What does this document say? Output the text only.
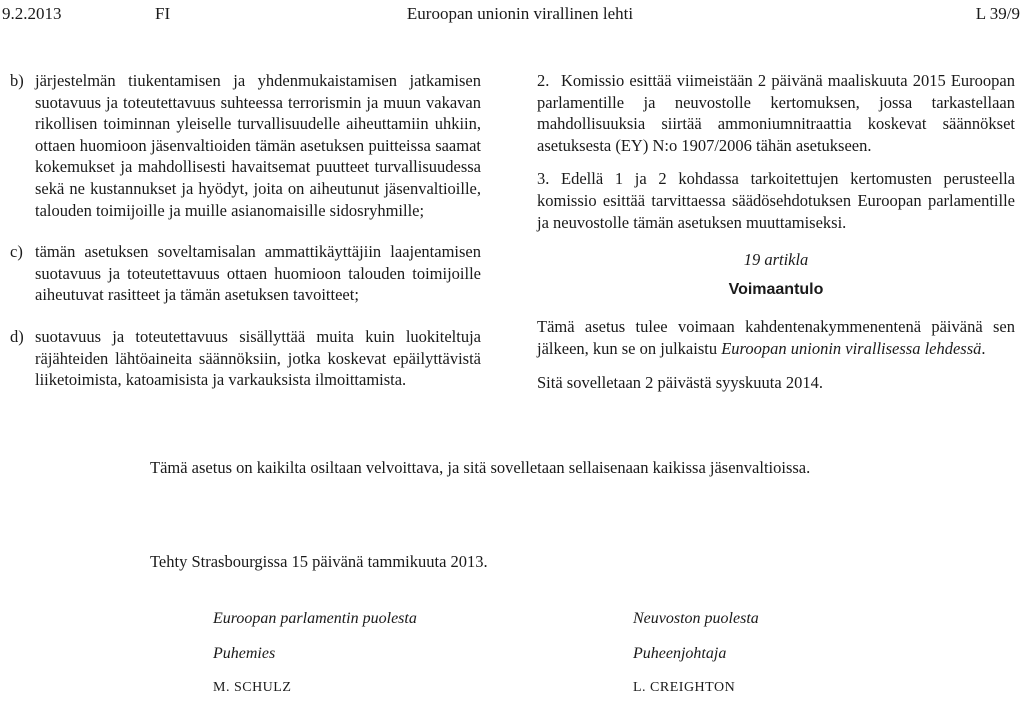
9.2.2013	FI	Euroopan unionin virallinen lehti	L 39/9
b) järjestelmän tiukentamisen ja yhdenmukaistamisen jatkamisen suotavuus ja toteutettavuus suhteessa terrorismin ja muun vakavan rikollisen toiminnan yleiselle turvallisuudelle aiheuttamiin uhkiin, ottaen huomioon jäsenvaltioiden tämän asetuksen puitteissa saamat kokemukset ja mahdollisesti havaitsemat puutteet turvallisuudessa sekä ne kustannukset ja hyödyt, joita on aiheutunut jäsenvaltioille, talouden toimijoille ja muille asianomaisille sidosryhmille;
c) tämän asetuksen soveltamisalan ammattikäyttäjiin laajentamisen suotavuus ja toteutettavuus ottaen huomioon talouden toimijoille aiheutuvat rasitteet ja tämän asetuksen tavoitteet;
d) suotavuus ja toteutettavuus sisällyttää muita kuin luokiteltuja räjähteiden lähtöaineita säännöksiin, jotka koskevat epäilyttävistä liiketoimista, katoamisista ja varkauksista ilmoittamista.

2. Komissio esittää viimeistään 2 päivänä maaliskuuta 2015 Euroopan parlamentille ja neuvostolle kertomuksen, jossa tarkastellaan mahdollisuuksia siirtää ammoniumnitraattia koskevat säännökset asetuksesta (EY) N:o 1907/2006 tähän asetukseen.

3. Edellä 1 ja 2 kohdassa tarkoitettujen kertomusten perusteella komissio esittää tarvittaessa säädösehdotuksen Euroopan parlamentille ja neuvostolle tämän asetuksen muuttamiseksi.

19 artikla
Voimaantulo

Tämä asetus tulee voimaan kahdentenakymmenentenä päivänä sen jälkeen, kun se on julkaistu Euroopan unionin virallisessa lehdessä.

Sitä sovelletaan 2 päivästä syyskuuta 2014.

Tämä asetus on kaikilta osiltaan velvoittava, ja sitä sovelletaan sellaisenaan kaikissa jäsenvaltioissa.
Tehty Strasbourgissa 15 päivänä tammikuuta 2013.
Euroopan parlamentin puolesta
Puhemies
M. SCHULZ
Neuvoston puolesta
Puheenjohtaja
L. CREIGHTON
